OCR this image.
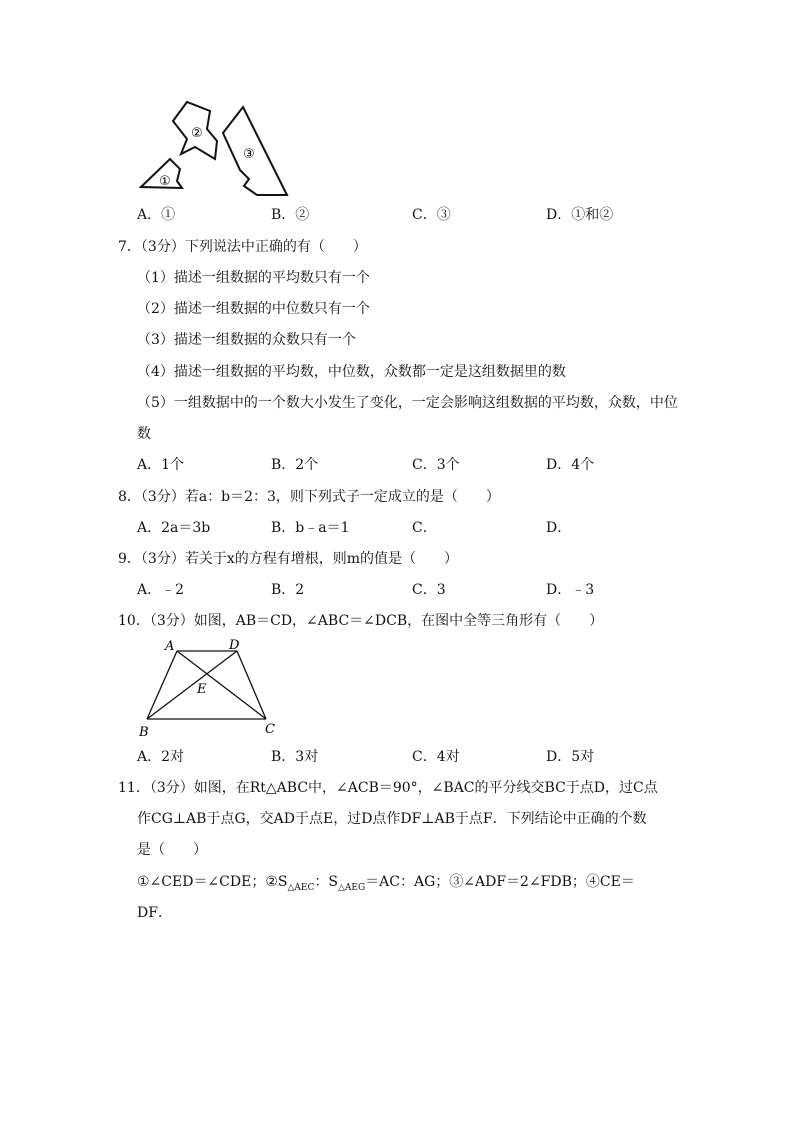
①
②
③
A．①	B．②	C．③	D．①和②
7．（3分）下列说法中正确的有（　　）
（1）描述一组数据的平均数只有一个
（2）描述一组数据的中位数只有一个
（3）描述一组数据的众数只有一个
（4）描述一组数据的平均数，中位数，众数都一定是这组数据里的数
（5）一组数据中的一个数大小发生了变化，一定会影响这组数据的平均数，众数，中位
数
A．1个	B．2个	C．3个	D．4个
8．（3分）若a：b＝2：3，则下列式子一定成立的是（　　）
A．2a＝3b	B．b﹣a＝1	C．	D．
9．（3分）若关于x的方程有增根，则m的值是（　　）
A．﹣2	B．2	C．3	D．﹣3
10．（3分）如图，AB＝CD，∠ABC＝∠DCB，在图中全等三角形有（　　）
A	D
E
B	C
A．2对	B．3对	C．4对	D．5对
11．（3分）如图，在Rt△ABC中，∠ACB＝90°，∠BAC的平分线交BC于点D，过C点
作CG⊥AB于点G，交AD于点E，过D点作DF⊥AB于点F．下列结论中正确的个数
是（　　）
①∠CED＝∠CDE；$②S_{\triangle AEC}$：$S_{\triangle AEG}=AC$：AG；③∠ADF＝2∠FDB；④CE＝
DF．
